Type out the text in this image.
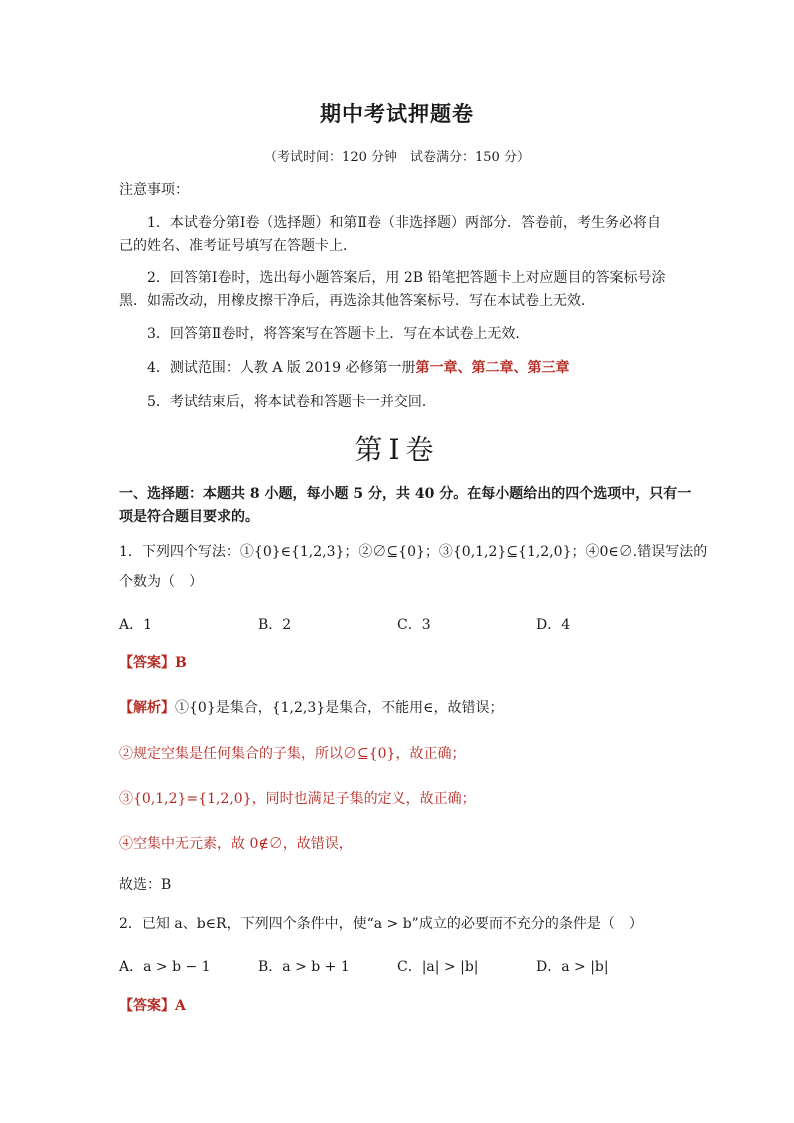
期中考试押题卷
（考试时间：120 分钟　试卷满分：150 分）
注意事项：
1．本试卷分第Ⅰ卷（选择题）和第Ⅱ卷（非选择题）两部分．答卷前，考生务必将自
己的姓名、准考证号填写在答题卡上．
2．回答第Ⅰ卷时，选出每小题答案后，用 2B 铅笔把答题卡上对应题目的答案标号涂
黑．如需改动，用橡皮擦干净后，再选涂其他答案标号．写在本试卷上无效．
3．回答第Ⅱ卷时，将答案写在答题卡上．写在本试卷上无效．
4．测试范围：人教 A 版 2019 必修第一册第一章、第二章、第三章
5．考试结束后，将本试卷和答题卡一并交回．
第Ⅰ卷
一、选择题：本题共 8 小题，每小题 5 分，共 40 分。在每小题给出的四个选项中，只有一
项是符合题目要求的。
1．下列四个写法：①{0}∈{1,2,3}；②∅⊆{0}；③{0,1,2}⊆{1,2,0}；④0∈∅.错误写法的
个数为（　）
A．1	B．2	C．3	D．4
【答案】B
【解析】①{0}是集合，{1,2,3}是集合，不能用∈，故错误；
②规定空集是任何集合的子集，所以∅⊆{0}，故正确；
③{0,1,2}={1,2,0}，同时也满足子集的定义，故正确；
④空集中无元素，故 0∉∅，故错误，
故选：B
2．已知 a、b∈R，下列四个条件中，使“a > b”成立的必要而不充分的条件是（　）
A．a > b − 1	B．a > b + 1	C．|a| > |b|	D．a > |b|
【答案】A
